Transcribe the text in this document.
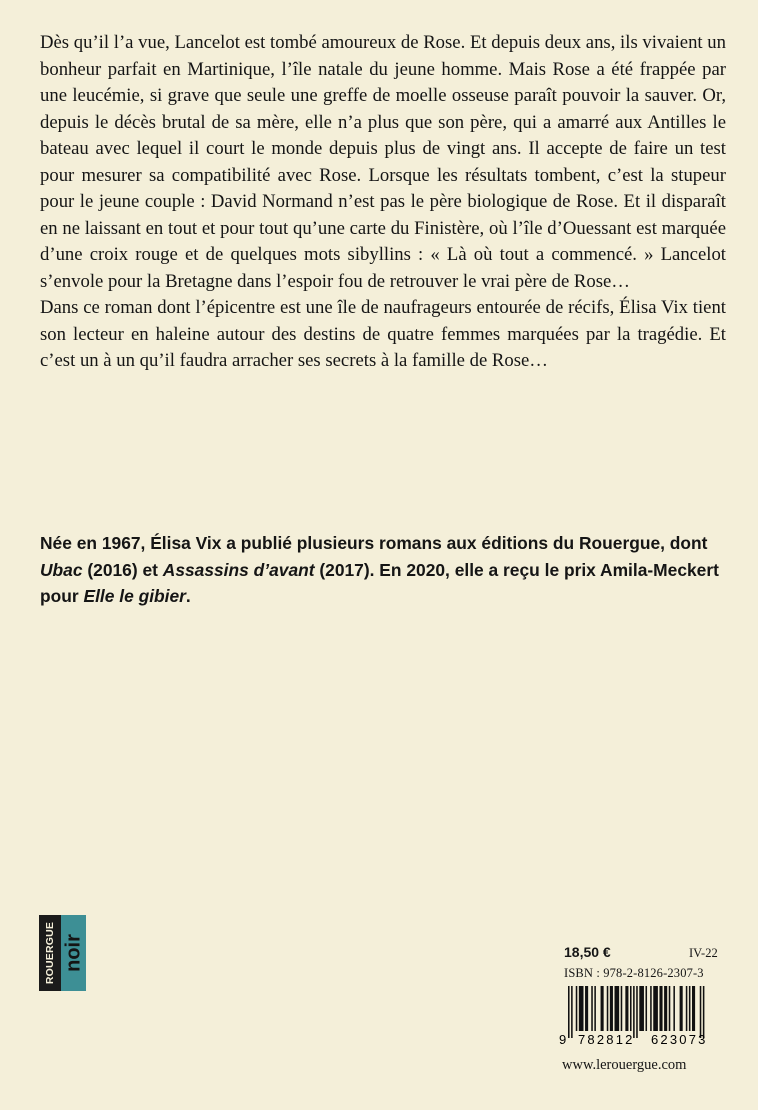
Dès qu’il l’a vue, Lancelot est tombé amoureux de Rose. Et depuis deux ans, ils vivaient un bonheur parfait en Martinique, l’île natale du jeune homme. Mais Rose a été frappée par une leucémie, si grave que seule une greffe de moelle osseuse paraît pouvoir la sauver. Or, depuis le décès brutal de sa mère, elle n’a plus que son père, qui a amarré aux Antilles le bateau avec lequel il court le monde depuis plus de vingt ans. Il accepte de faire un test pour mesurer sa compatibilité avec Rose. Lorsque les résultats tombent, c’est la stupeur pour le jeune couple : David Normand n’est pas le père biologique de Rose. Et il disparaît en ne laissant en tout et pour tout qu’une carte du Finistère, où l’île d’Ouessant est marquée d’une croix rouge et de quelques mots sibyllins : « Là où tout a commencé. » Lancelot s’envole pour la Bretagne dans l’espoir fou de retrouver le vrai père de Rose…

Dans ce roman dont l’épicentre est une île de naufrageurs entourée de récifs, Élisa Vix tient son lecteur en haleine autour des destins de quatre femmes marquées par la tragédie. Et c’est un à un qu’il faudra arracher ses secrets à la famille de Rose…

Née en 1967, Élisa Vix a publié plusieurs romans aux éditions du Rouergue, dont Ubac (2016) et Assassins d’avant (2017). En 2020, elle a reçu le prix Amila-Meckert pour Elle le gibier.

ROUERGUE noir	18,50 €	IV-22
ISBN : 978-2-8126-2307-3
9 782812 623073
www.lerouergue.com
